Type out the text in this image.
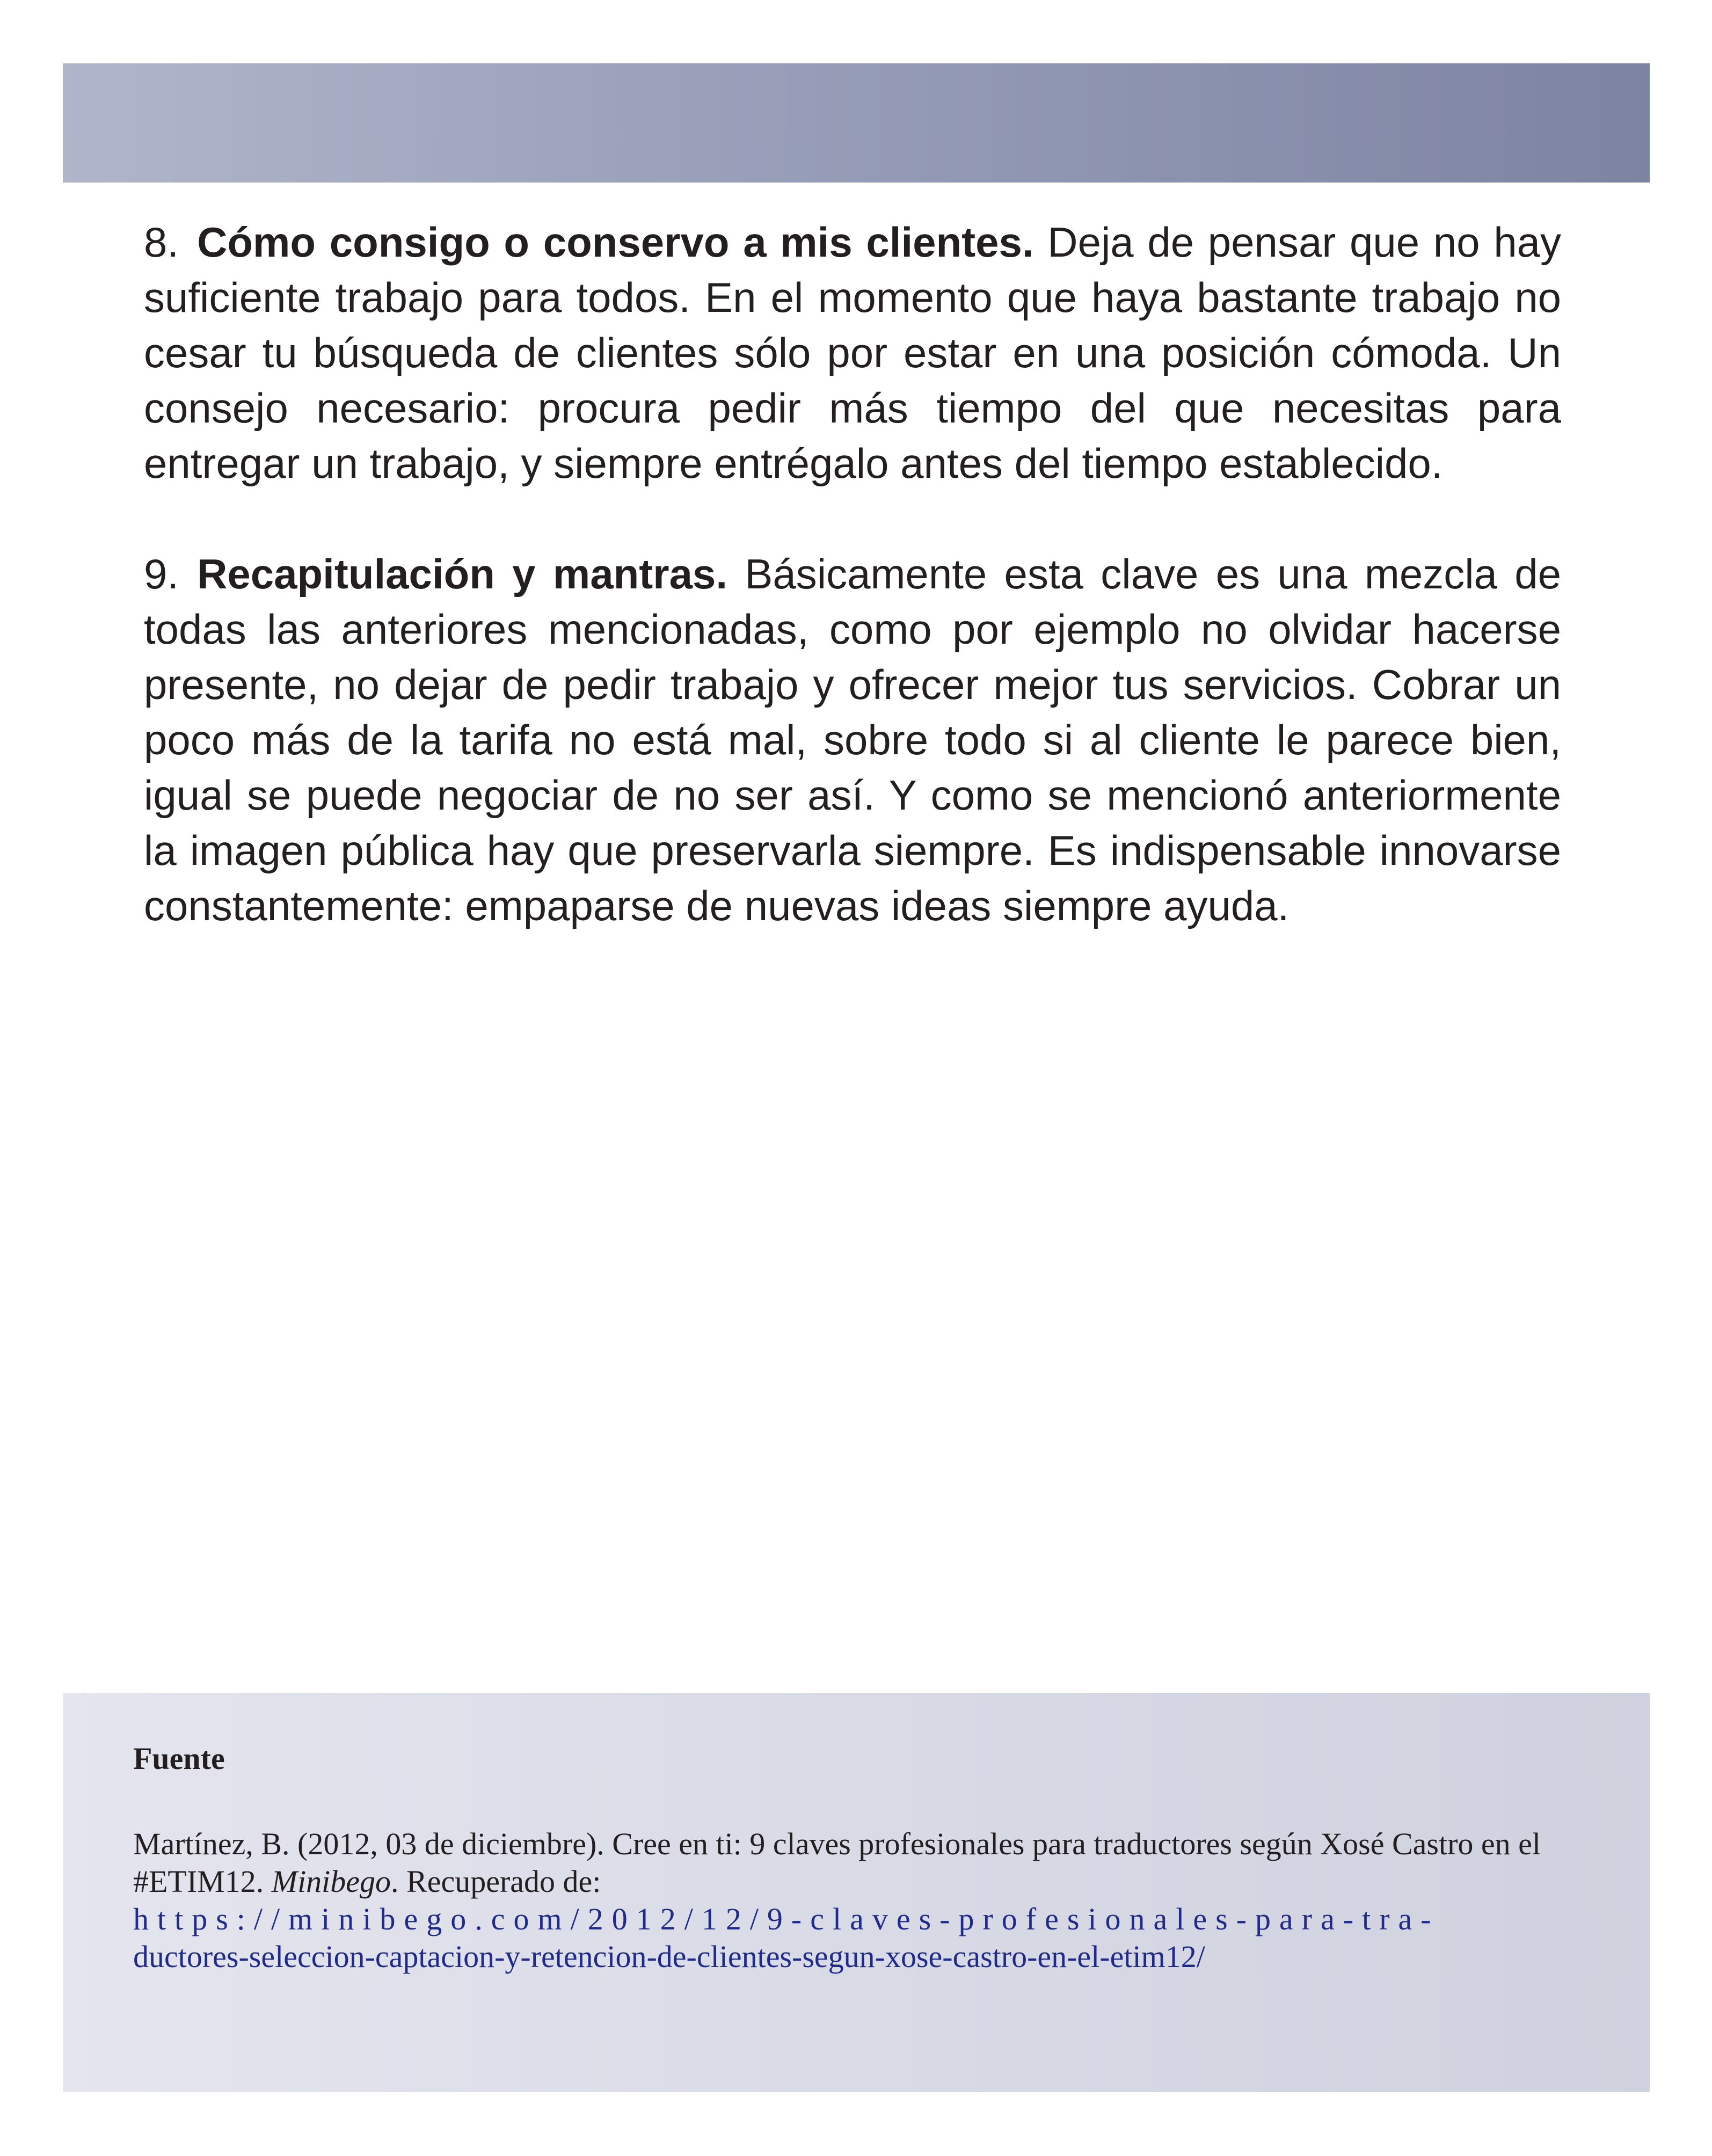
8. Cómo consigo o conservo a mis clientes. Deja de pensar que no hay suficiente trabajo para todos. En el momento que haya bastante trabajo no cesar tu búsqueda de clientes sólo por estar en una posición cómoda. Un consejo necesario: procura pedir más tiempo del que necesitas para entregar un trabajo, y siempre entrégalo antes del tiempo establecido.

9. Recapitulación y mantras. Básicamente esta clave es una mezcla de todas las anteriores mencionadas, como por ejemplo no olvidar hacerse presente, no dejar de pedir trabajo y ofrecer mejor tus servicios. Cobrar un poco más de la tarifa no está mal, sobre todo si al cliente le parece bien, igual se puede negociar de no ser así. Y como se mencionó anteriormente la imagen pública hay que preservarla siempre. Es indispensable innovarse constantemente: empaparse de nuevas ideas siempre ayuda.

Fuente

Martínez, B. (2012, 03 de diciembre). Cree en ti: 9 claves profesionales para traductores según Xosé Castro en el #ETIM12. Minibego. Recuperado de:

https://minibego.com/2012/12/9-claves-profesionales-para-tra-
ductores-seleccion-captacion-y-retencion-de-clientes-segun-xose-castro-en-el-etim12/
